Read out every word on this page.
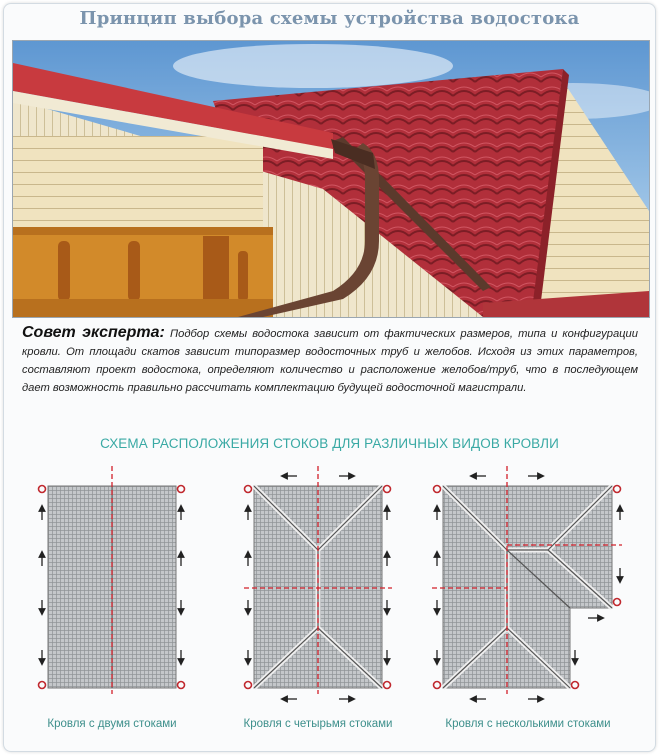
Принцип выбора схемы устройства водостока
Совет эксперта: Подбор схемы водостока зависит от фактических размеров, типа и конфигурации кровли. От площади скатов зависит типоразмер водосточных труб и желобов. Исходя из этих параметров, составляют проект водостока, определяют количество и расположение желобов/труб, что в последующем дает возможность правильно рассчитать комплектацию будущей водосточной магистрали.
СХЕМА РАСПОЛОЖЕНИЯ СТОКОВ ДЛЯ РАЗЛИЧНЫХ ВИДОВ КРОВЛИ
Кровля с двумя стоками	Кровля с четырьмя стоками	Кровля с несколькими стоками
